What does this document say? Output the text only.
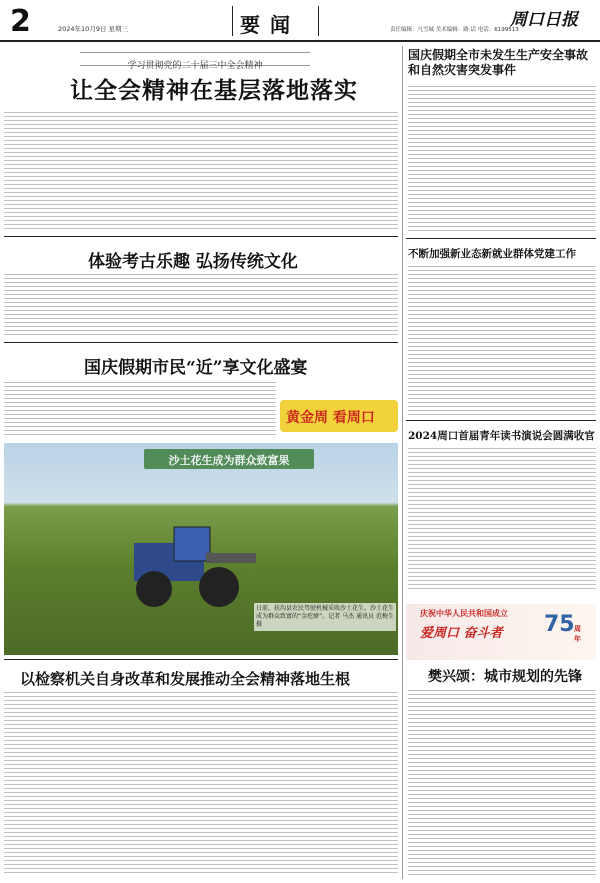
2	2024年10月9日 星期三	要闻	责任编辑：凡雪城 美术编辑：路·话 电话：6199513
周口日报
学习贯彻党的二十届三中全会精神
让全会精神在基层落地落实
体验考古乐趣 弘扬传统文化
国庆假期市民“近”享文化盛宴
黄金周 看周口
沙土花生成为群众致富果
日前，扶沟县农民驾驶机械采收沙土花生。沙土花生成为群众致富的“金疙瘩”。记者 马杰 通讯员 范梅生 摄
以检察机关自身改革和发展推动全会精神落地生根
国庆假期全市未发生生产安全事故和自然灾害突发事件
不断加强新业态新就业群体党建工作
2024周口首届青年读书演说会圆满收官
庆祝中华人民共和国成立
爱周口 奋斗者 75 周年
樊兴颂：城市规划的先锋
